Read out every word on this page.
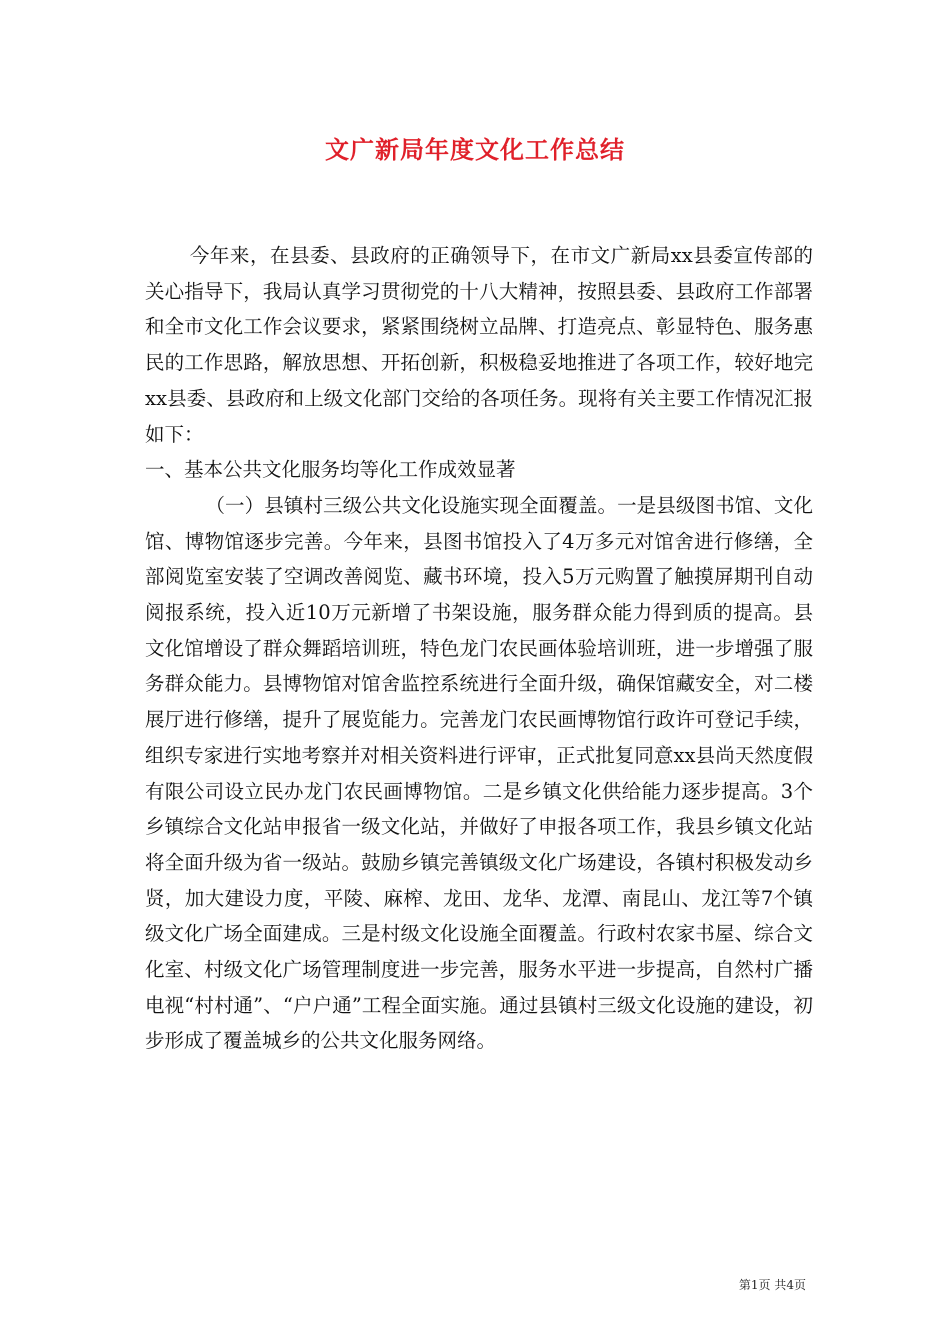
文广新局年度文化工作总结

今年来，在县委、县政府的正确领导下，在市文广新局xx县委宣传部的关心指导下，我局认真学习贯彻党的十八大精神，按照县委、县政府工作部署和全市文化工作会议要求，紧紧围绕树立品牌、打造亮点、彰显特色、服务惠民的工作思路，解放思想、开拓创新，积极稳妥地推进了各项工作，较好地完xx县委、县政府和上级文化部门交给的各项任务。现将有关主要工作情况汇报如下：

一、基本公共文化服务均等化工作成效显著

（一）县镇村三级公共文化设施实现全面覆盖。一是县级图书馆、文化馆、博物馆逐步完善。今年来，县图书馆投入了4万多元对馆舍进行修缮，全部阅览室安装了空调改善阅览、藏书环境，投入5万元购置了触摸屏期刊自动阅报系统，投入近10万元新增了书架设施，服务群众能力得到质的提高。县文化馆增设了群众舞蹈培训班，特色龙门农民画体验培训班，进一步增强了服务群众能力。县博物馆对馆舍监控系统进行全面升级，确保馆藏安全，对二楼展厅进行修缮，提升了展览能力。完善龙门农民画博物馆行政许可登记手续，组织专家进行实地考察并对相关资料进行评审，正式批复同意xx县尚天然度假有限公司设立民办龙门农民画博物馆。二是乡镇文化供给能力逐步提高。3个乡镇综合文化站申报省一级文化站，并做好了申报各项工作，我县乡镇文化站将全面升级为省一级站。鼓励乡镇完善镇级文化广场建设，各镇村积极发动乡贤，加大建设力度，平陵、麻榨、龙田、龙华、龙潭、南昆山、龙江等7个镇级文化广场全面建成。三是村级文化设施全面覆盖。行政村农家书屋、综合文化室、村级文化广场管理制度进一步完善，服务水平进一步提高，自然村广播电视“村村通”、“户户通”工程全面实施。通过县镇村三级文化设施的建设，初步形成了覆盖城乡的公共文化服务网络。

第1页 共4页
